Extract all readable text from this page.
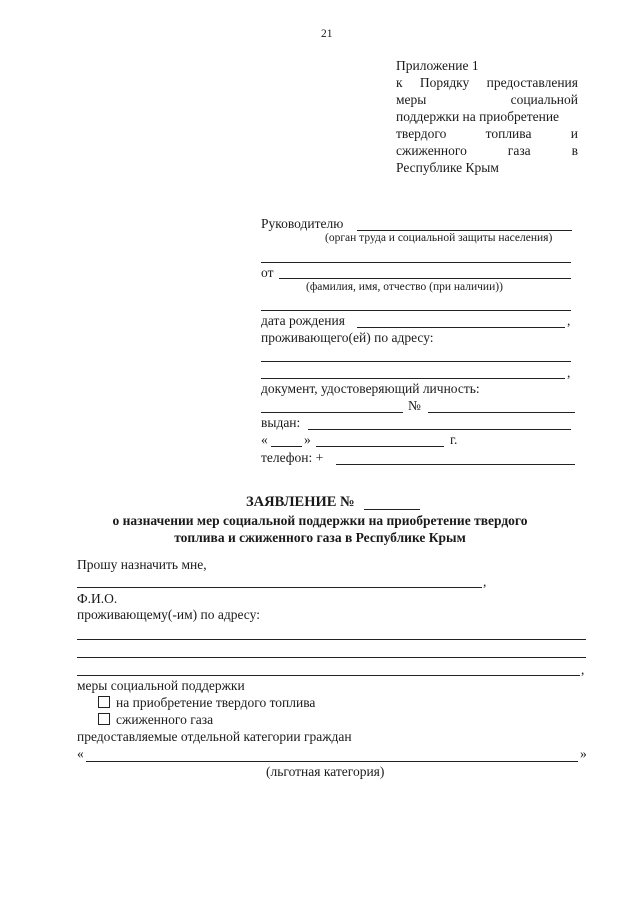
21
Приложение 1
к Порядку предоставления
меры	социальной
поддержки на приобретение
твердого	топлива	и
сжиженного	газа	в
Республике Крым
Руководителю
(орган труда и социальной защиты населения)
от
(фамилия, имя, отчество (при наличии))
дата рождения	,
проживающего(ей) по адресу:
,
документ, удостоверяющий личность:
№
выдан:
«	»	г.
телефон: +
ЗАЯВЛЕНИЕ №
о назначении мер социальной поддержки на приобретение твердого
топлива и сжиженного газа в Республике Крым
Прошу назначить мне,
,
Ф.И.О.
проживающему(-им) по адресу:
,
меры социальной поддержки
на приобретение твердого топлива
сжиженного газа
предоставляемые отдельной категории граждан
«	»
(льготная категория)
